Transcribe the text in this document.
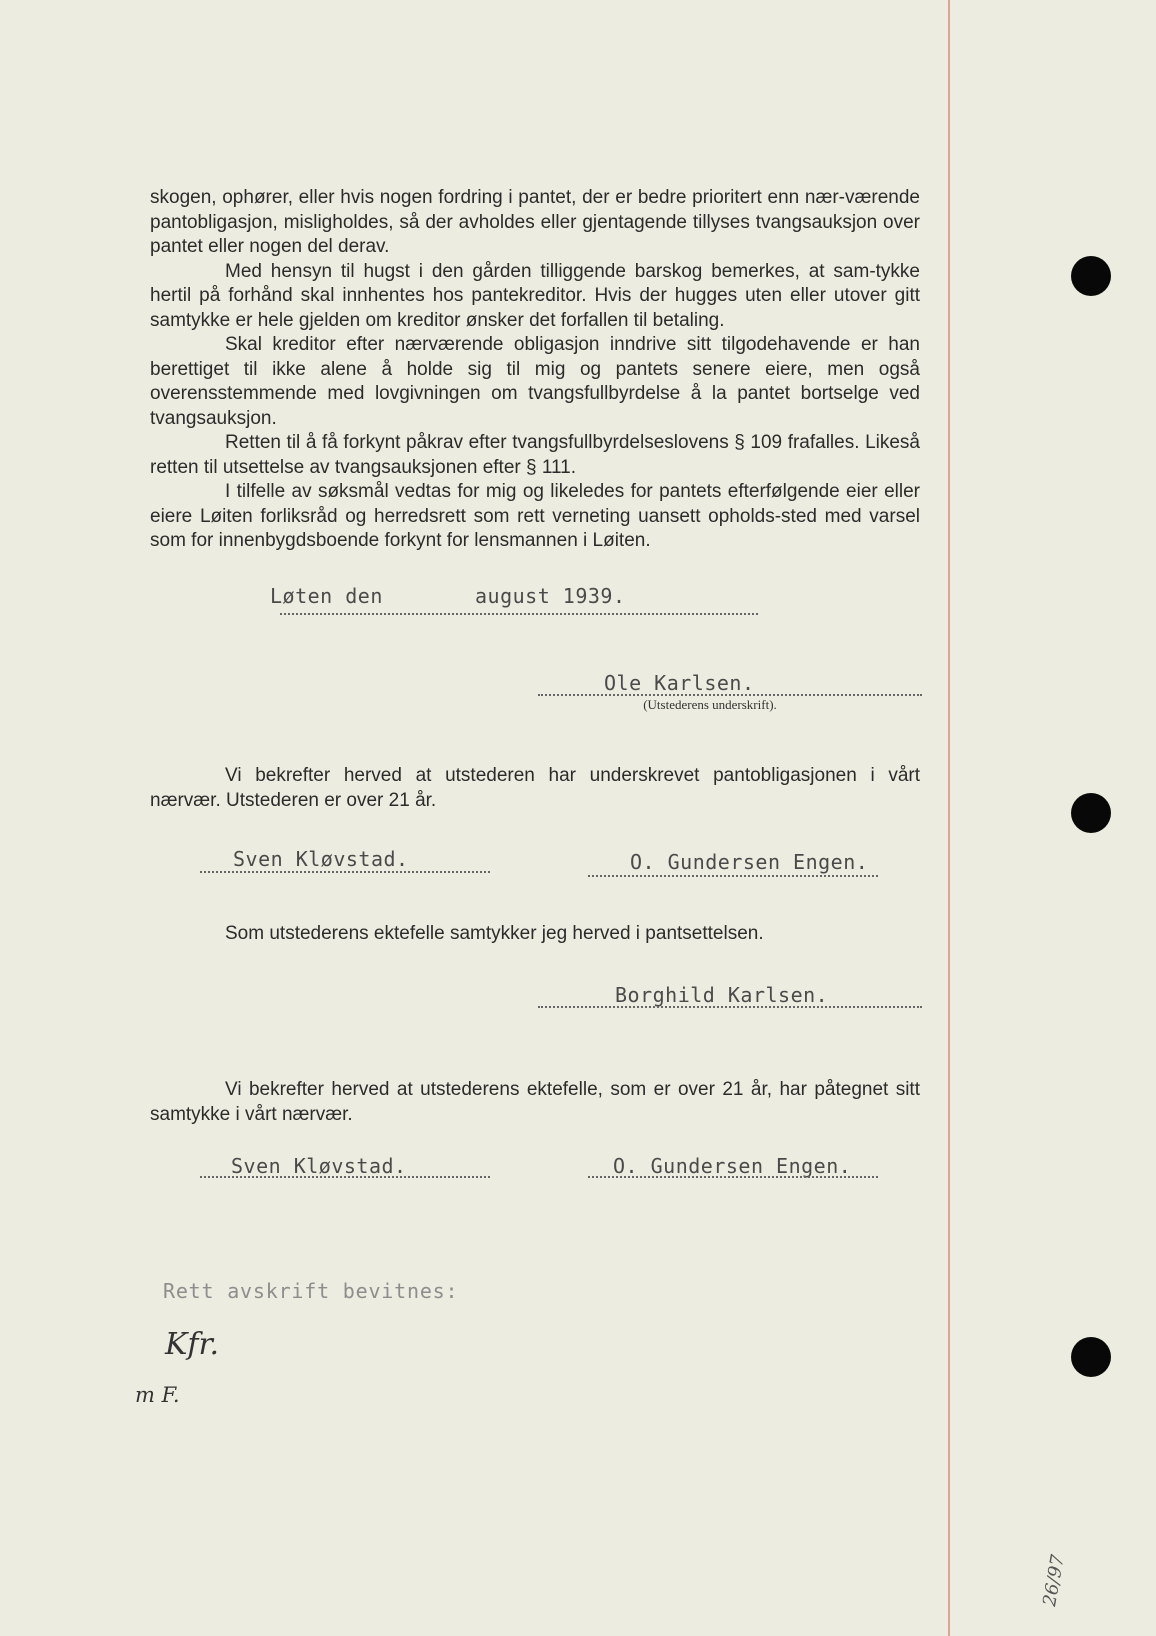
skogen, ophører, eller hvis nogen fordring i pantet, der er bedre prioritert enn nær-værende pantobligasjon, misligholdes, så der avholdes eller gjentagende tillyses tvangsauksjon over pantet eller nogen del derav.

Med hensyn til hugst i den gården tilliggende barskog bemerkes, at sam-tykke hertil på forhånd skal innhentes hos pantekreditor. Hvis der hugges uten eller utover gitt samtykke er hele gjelden om kreditor ønsker det forfallen til betaling.

Skal kreditor efter nærværende obligasjon inndrive sitt tilgodehavende er han berettiget til ikke alene å holde sig til mig og pantets senere eiere, men også overensstemmende med lovgivningen om tvangsfullbyrdelse å la pantet bortselge ved tvangsauksjon.

Retten til å få forkynt påkrav efter tvangsfullbyrdelseslovens § 109 frafalles. Likeså retten til utsettelse av tvangsauksjonen efter § 111.

I tilfelle av søksmål vedtas for mig og likeledes for pantets efterfølgende eier eller eiere Løiten forliksråd og herredsrett som rett verneting uansett opholds-sted med varsel som for innenbygdsboende forkynt for lensmannen i Løiten.

Løten den	august 1939.
Ole Karlsen.
(Utstederens underskrift).

Vi bekrefter herved at utstederen har underskrevet pantobligasjonen i vårt nærvær. Utstederen er over 21 år.

Sven Kløvstad.	O. Gundersen Engen.

Som utstederens ektefelle samtykker jeg herved i pantsettelsen.

Borghild Karlsen.

Vi bekrefter herved at utstederens ektefelle, som er over 21 år, har påtegnet sitt samtykke i vårt nærvær.

Sven Kløvstad.	O. Gundersen Engen.
Rett avskrift bevitnes:
Kfr.
m F.
26/97
